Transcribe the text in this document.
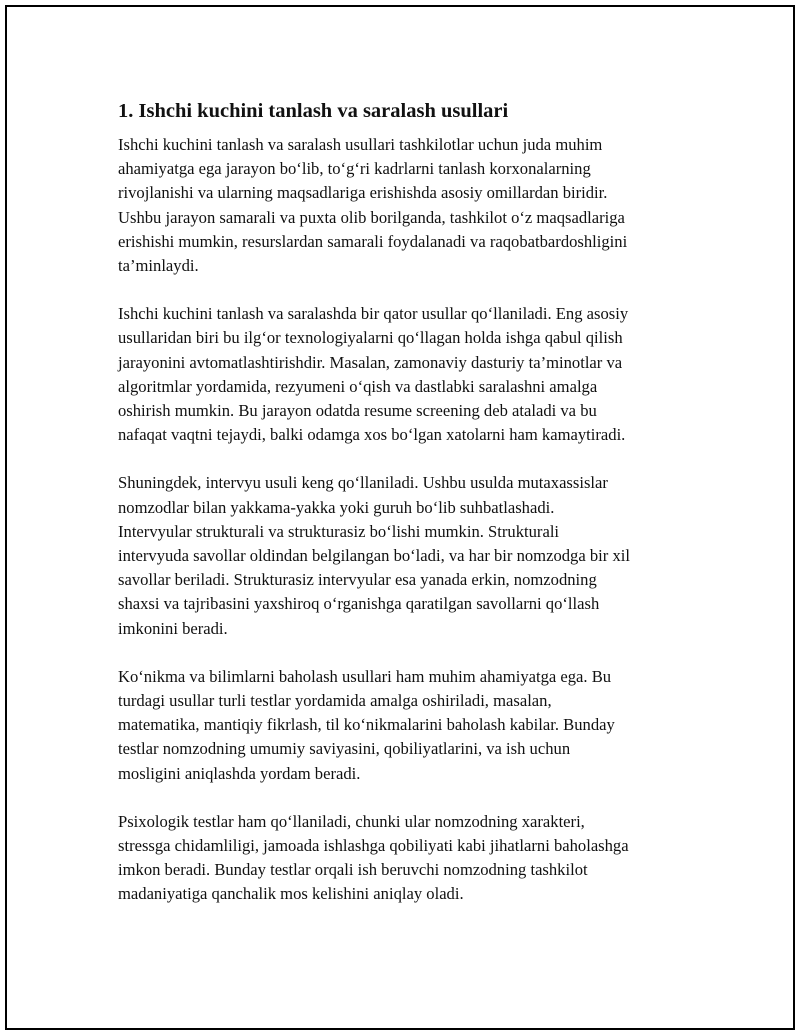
1. Ishchi kuchini tanlash va saralash usullari
Ishchi kuchini tanlash va saralash usullari tashkilotlar uchun juda muhim
ahamiyatga ega jarayon bo‘lib, to‘g‘ri kadrlarni tanlash korxonalarning
rivojlanishi va ularning maqsadlariga erishishda asosiy omillardan biridir.
Ushbu jarayon samarali va puxta olib borilganda, tashkilot o‘z maqsadlariga
erishishi mumkin, resurslardan samarali foydalanadi va raqobatbardoshligini
ta’minlaydi.
Ishchi kuchini tanlash va saralashda bir qator usullar qo‘llaniladi. Eng asosiy
usullaridan biri bu ilg‘or texnologiyalarni qo‘llagan holda ishga qabul qilish
jarayonini avtomatlashtirishdir. Masalan, zamonaviy dasturiy ta’minotlar va
algoritmlar yordamida, rezyumeni o‘qish va dastlabki saralashni amalga
oshirish mumkin. Bu jarayon odatda resume screening deb ataladi va bu
nafaqat vaqtni tejaydi, balki odamga xos bo‘lgan xatolarni ham kamaytiradi.
Shuningdek, intervyu usuli keng qo‘llaniladi. Ushbu usulda mutaxassislar
nomzodlar bilan yakkama-yakka yoki guruh bo‘lib suhbatlashadi.
Intervyular strukturali va strukturasiz bo‘lishi mumkin. Strukturali
intervyuda savollar oldindan belgilangan bo‘ladi, va har bir nomzodga bir xil
savollar beriladi. Strukturasiz intervyular esa yanada erkin, nomzodning
shaxsi va tajribasini yaxshiroq o‘rganishga qaratilgan savollarni qo‘llash
imkonini beradi.
Ko‘nikma va bilimlarni baholash usullari ham muhim ahamiyatga ega. Bu
turdagi usullar turli testlar yordamida amalga oshiriladi, masalan,
matematika, mantiqiy fikrlash, til ko‘nikmalarini baholash kabilar. Bunday
testlar nomzodning umumiy saviyasini, qobiliyatlarini, va ish uchun
mosligini aniqlashda yordam beradi.
Psixologik testlar ham qo‘llaniladi, chunki ular nomzodning xarakteri,
stressga chidamliligi, jamoada ishlashga qobiliyati kabi jihatlarni baholashga
imkon beradi. Bunday testlar orqali ish beruvchi nomzodning tashkilot
madaniyatiga qanchalik mos kelishini aniqlay oladi.
